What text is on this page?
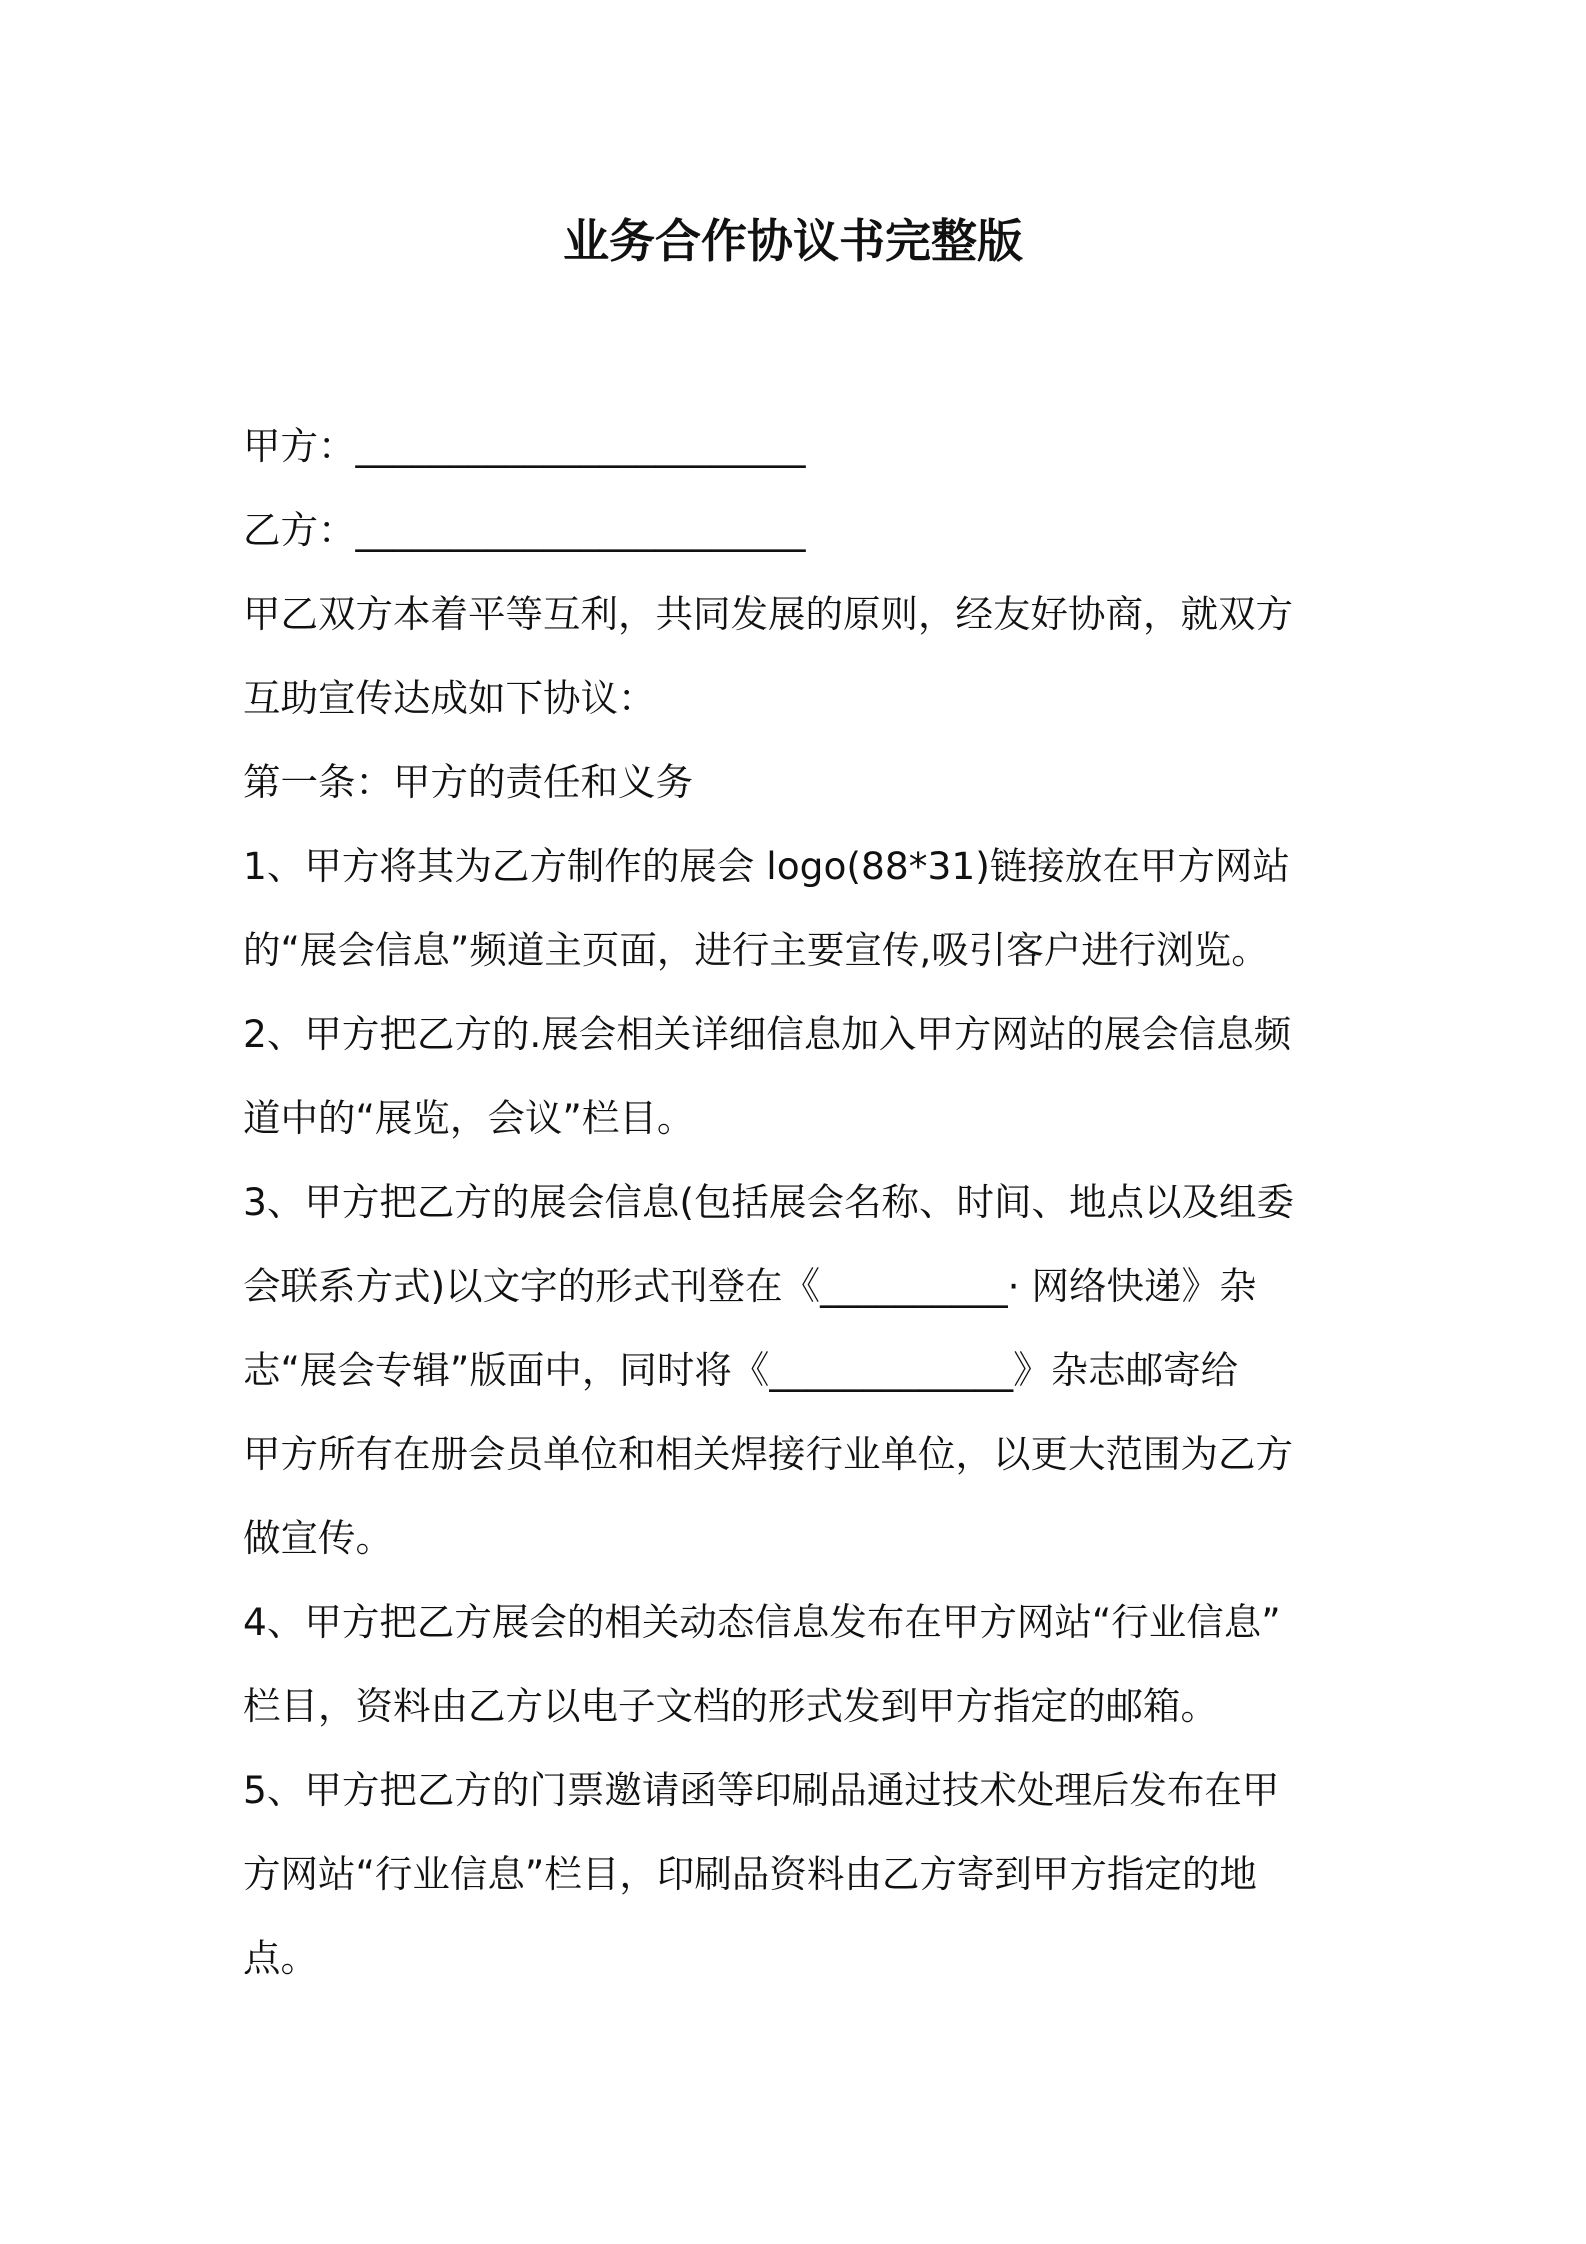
业务合作协议书完整版

甲方：________________________

乙方：________________________

甲乙双方本着平等互利，共同发展的原则，经友好协商，就双方

互助宣传达成如下协议：

第一条：甲方的责任和义务

1、甲方将其为乙方制作的展会 logo(88*31)链接放在甲方网站

的“展会信息”频道主页面，进行主要宣传,吸引客户进行浏览。

2、甲方把乙方的.展会相关详细信息加入甲方网站的展会信息频

道中的“展览，会议”栏目。

3、甲方把乙方的展会信息(包括展会名称、时间、地点以及组委

会联系方式)以文字的形式刊登在《__________· 网络快递》杂

志“展会专辑”版面中，同时将《_____________》杂志邮寄给

甲方所有在册会员单位和相关焊接行业单位，以更大范围为乙方

做宣传。

4、甲方把乙方展会的相关动态信息发布在甲方网站“行业信息”

栏目，资料由乙方以电子文档的形式发到甲方指定的邮箱。

5、甲方把乙方的门票邀请函等印刷品通过技术处理后发布在甲

方网站“行业信息”栏目，印刷品资料由乙方寄到甲方指定的地

点。
